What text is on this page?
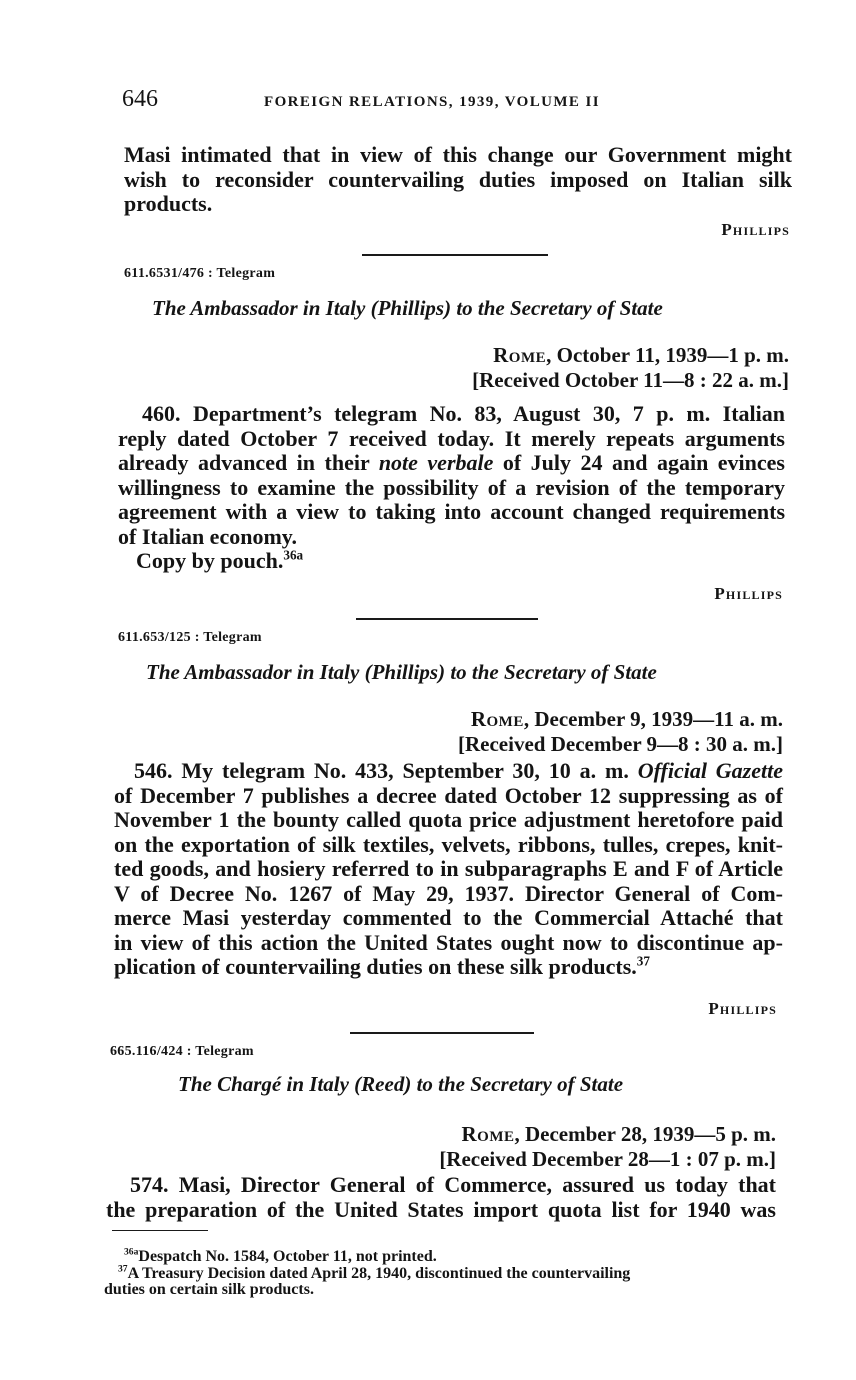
646	FOREIGN RELATIONS, 1939, VOLUME II
Masi intimated that in view of this change our Government might
wish to reconsider countervailing duties imposed on Italian silk
products.
Phillips
611.6531/476 : Telegram
The Ambassador in Italy (Phillips) to the Secretary of State
Rome, October 11, 1939—1 p. m.
[Received October 11—8 : 22 a. m.]
460. Department’s telegram No. 83, August 30, 7 p. m. Italian
reply dated October 7 received today. It merely repeats arguments
already advanced in their note verbale of July 24 and again evinces
willingness to examine the possibility of a revision of the temporary
agreement with a view to taking into account changed requirements
of Italian economy.
Copy by pouch.$^{36a}$
Phillips
611.653/125 : Telegram
The Ambassador in Italy (Phillips) to the Secretary of State
Rome, December 9, 1939—11 a. m.
[Received December 9—8 : 30 a. m.]
546. My telegram No. 433, September 30, 10 a. m. Official Gazette
of December 7 publishes a decree dated October 12 suppressing as of
November 1 the bounty called quota price adjustment heretofore paid
on the exportation of silk textiles, velvets, ribbons, tulles, crepes, knit-
ted goods, and hosiery referred to in subparagraphs E and F of Article
V of Decree No. 1267 of May 29, 1937. Director General of Com-
merce Masi yesterday commented to the Commercial Attaché that
in view of this action the United States ought now to discontinue ap-
plication of countervailing duties on these silk products.$^{37}$
Phillips
665.116/424 : Telegram
The Chargé in Italy (Reed) to the Secretary of State
Rome, December 28, 1939—5 p. m.
[Received December 28—1 : 07 p. m.]
574. Masi, Director General of Commerce, assured us today that
the preparation of the United States import quota list for 1940 was
$^{36a}$Despatch No. 1584, October 11, not printed.
$^{37}$A Treasury Decision dated April 28, 1940, discontinued the countervailing
duties on certain silk products.
